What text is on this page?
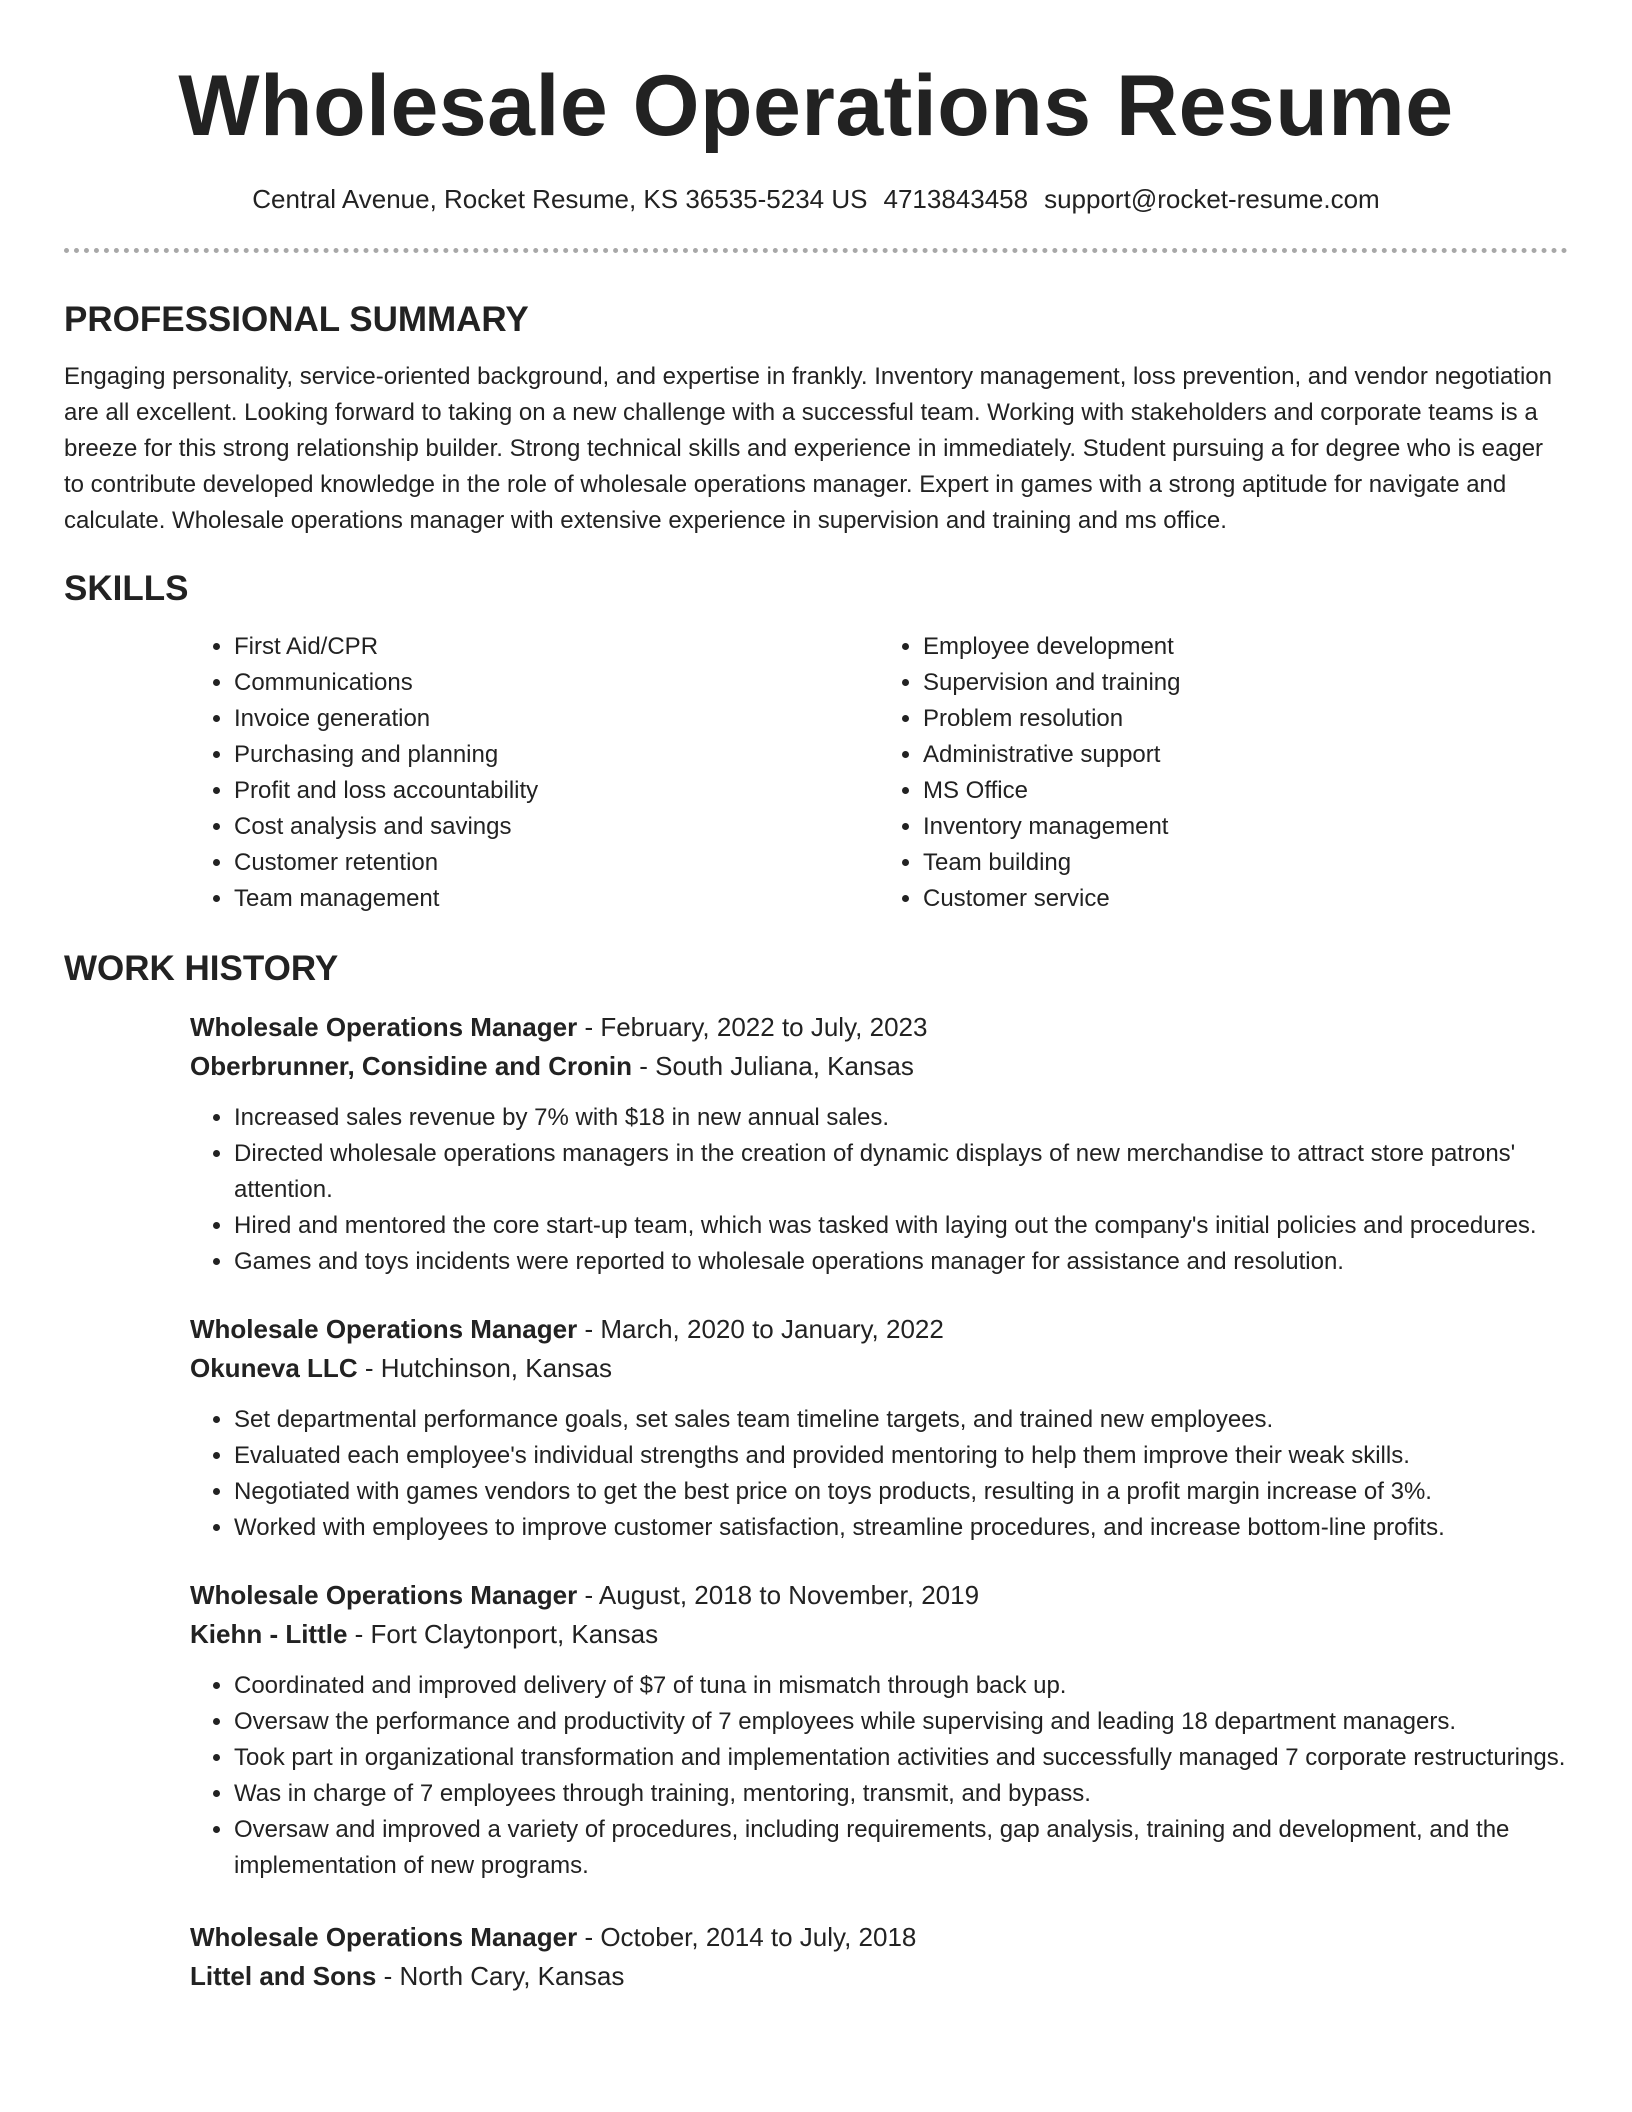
Wholesale Operations Resume
Central Avenue, Rocket Resume, KS 36535-5234 US 4713843458 support@rocket-resume.com
PROFESSIONAL SUMMARY

Engaging personality, service-oriented background, and expertise in frankly. Inventory management, loss prevention, and vendor negotiation are all excellent. Looking forward to taking on a new challenge with a successful team. Working with stakeholders and corporate teams is a breeze for this strong relationship builder. Strong technical skills and experience in immediately. Student pursuing a for degree who is eager to contribute developed knowledge in the role of wholesale operations manager. Expert in games with a strong aptitude for navigate and calculate. Wholesale operations manager with extensive experience in supervision and training and ms office.

SKILLS
• First Aid/CPR
• Communications
• Invoice generation
• Purchasing and planning
• Profit and loss accountability
• Cost analysis and savings
• Customer retention
• Team management
• Employee development
• Supervision and training
• Problem resolution
• Administrative support
• MS Office
• Inventory management
• Team building
• Customer service
WORK HISTORY
Wholesale Operations Manager - February, 2022 to July, 2023
Oberbrunner, Considine and Cronin - South Juliana, Kansas
• Increased sales revenue by 7% with $18 in new annual sales.
• Directed wholesale operations managers in the creation of dynamic displays of new merchandise to attract store patrons' attention.
• Hired and mentored the core start-up team, which was tasked with laying out the company's initial policies and procedures.
• Games and toys incidents were reported to wholesale operations manager for assistance and resolution.
Wholesale Operations Manager - March, 2020 to January, 2022
Okuneva LLC - Hutchinson, Kansas
• Set departmental performance goals, set sales team timeline targets, and trained new employees.
• Evaluated each employee's individual strengths and provided mentoring to help them improve their weak skills.
• Negotiated with games vendors to get the best price on toys products, resulting in a profit margin increase of 3%.
• Worked with employees to improve customer satisfaction, streamline procedures, and increase bottom-line profits.
Wholesale Operations Manager - August, 2018 to November, 2019
Kiehn - Little - Fort Claytonport, Kansas
• Coordinated and improved delivery of $7 of tuna in mismatch through back up.
• Oversaw the performance and productivity of 7 employees while supervising and leading 18 department managers.
• Took part in organizational transformation and implementation activities and successfully managed 7 corporate restructurings.
• Was in charge of 7 employees through training, mentoring, transmit, and bypass.
• Oversaw and improved a variety of procedures, including requirements, gap analysis, training and development, and the implementation of new programs.
Wholesale Operations Manager - October, 2014 to July, 2018
Littel and Sons - North Cary, Kansas
